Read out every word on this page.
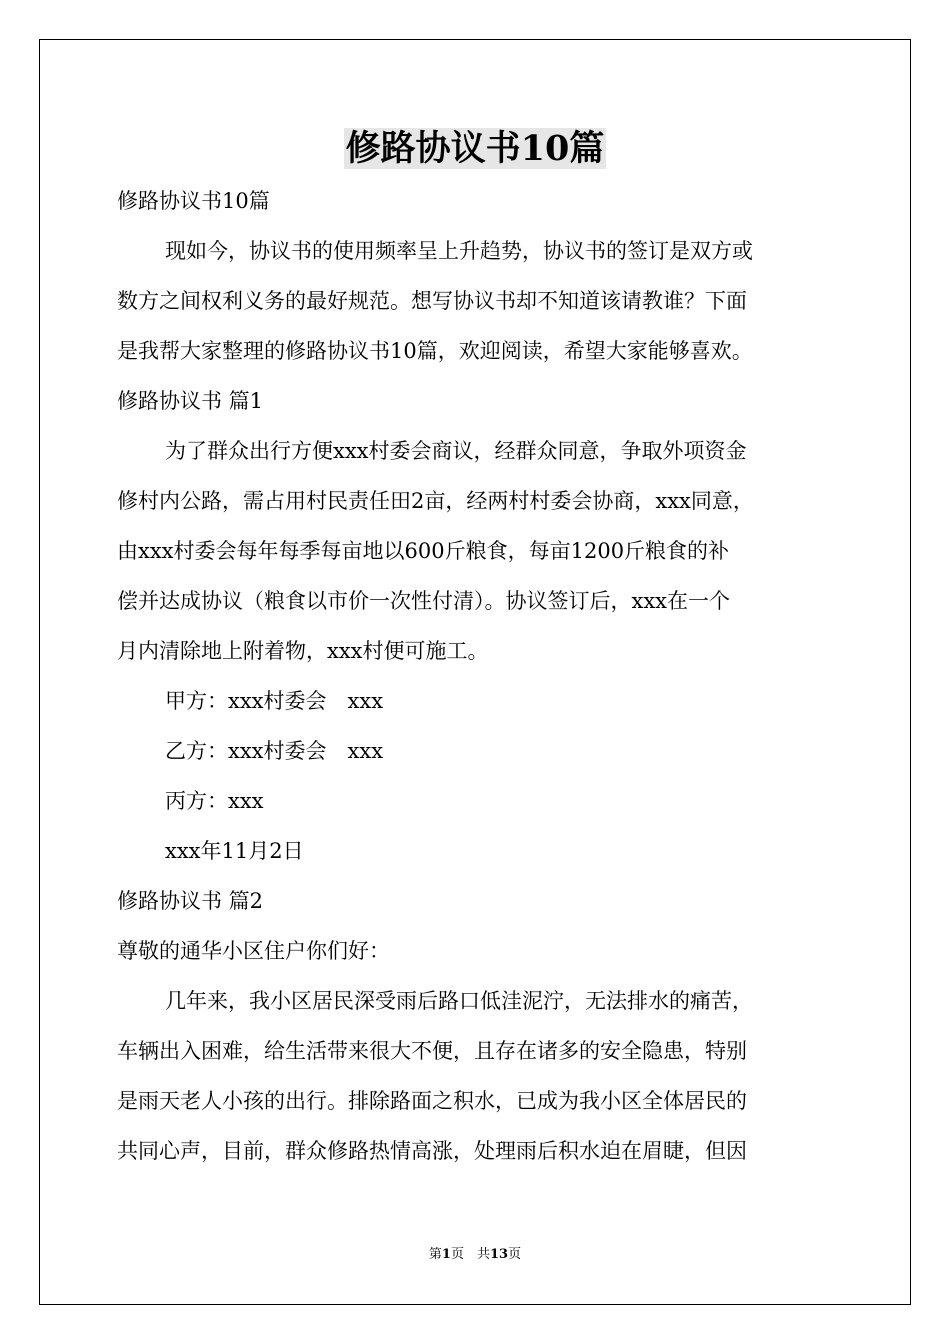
修路协议书10篇

修路协议书10篇

现如今，协议书的使用频率呈上升趋势，协议书的签订是双方或

数方之间权利义务的最好规范。想写协议书却不知道该请教谁？下面

是我帮大家整理的修路协议书10篇，欢迎阅读，希望大家能够喜欢。

修路协议书 篇1

为了群众出行方便xxx村委会商议，经群众同意，争取外项资金

修村内公路，需占用村民责任田2亩，经两村村委会协商，xxx同意，

由xxx村委会每年每季每亩地以600斤粮食，每亩1200斤粮食的补

偿并达成协议（粮食以市价一次性付清）。协议签订后，xxx在一个

月内清除地上附着物，xxx村便可施工。

甲方：xxx村委会　xxx

乙方：xxx村委会　xxx

丙方：xxx

xxx年11月2日

修路协议书 篇2

尊敬的通华小区住户你们好：

几年来，我小区居民深受雨后路口低洼泥泞，无法排水的痛苦，

车辆出入困难，给生活带来很大不便，且存在诸多的安全隐患，特别

是雨天老人小孩的出行。排除路面之积水，已成为我小区全体居民的

共同心声，目前，群众修路热情高涨，处理雨后积水迫在眉睫，但因

第1页　共13页
